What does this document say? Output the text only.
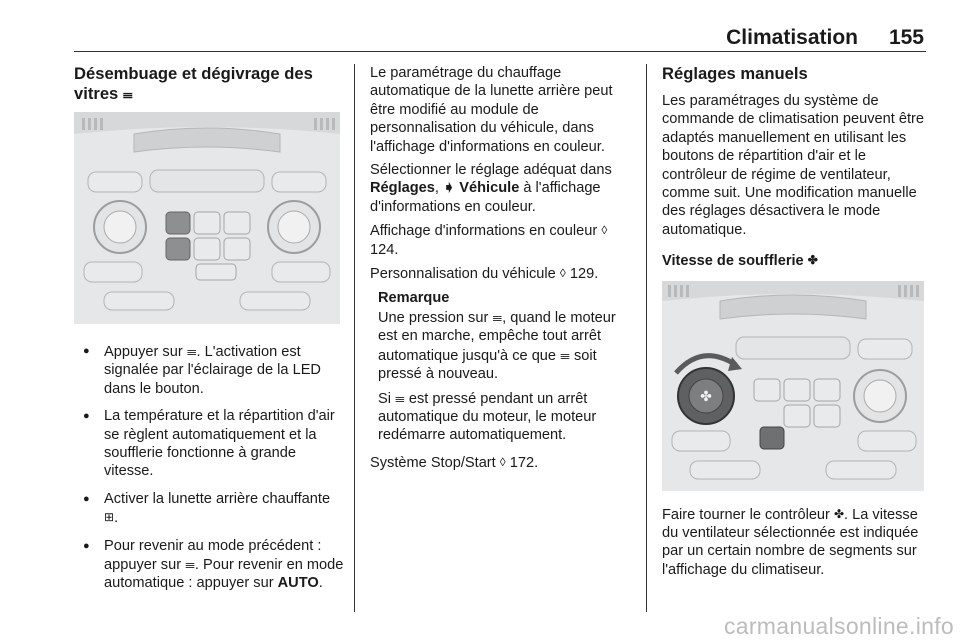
Climatisation 155
Désembuage et dégivrage des vitres 𝍢
● Appuyer sur 𝍢. L'activation est signalée par l'éclairage de la LED dans le bouton.
● La température et la répartition d'air se règlent automatiquement et la soufflerie fonctionne à grande vitesse.
● Activer la lunette arrière chauffante ⊞.
● Pour revenir au mode précédent : appuyer sur 𝍢. Pour revenir en mode automatique : appuyer sur AUTO.

Le paramétrage du chauffage automatique de la lunette arrière peut être modifié au module de personnalisation du véhicule, dans l'affichage d'informations en couleur.

Sélectionner le réglage adéquat dans Réglages, ➧ Véhicule à l'affichage d'informations en couleur.

Affichage d'informations en couleur ◊ 124.

Personnalisation du véhicule ◊ 129.

Remarque

Une pression sur 𝍢, quand le moteur est en marche, empêche tout arrêt automatique jusqu'à ce que 𝍢 soit pressé à nouveau.

Si 𝍢 est pressé pendant un arrêt automatique du moteur, le moteur redémarre automatiquement.

Système Stop/Start ◊ 172.

Réglages manuels

Les paramétrages du système de commande de climatisation peuvent être adaptés manuellement en utilisant les boutons de répartition d'air et le contrôleur de régime de ventilateur, comme suit. Une modification manuelle des réglages désactivera le mode automatique.

Vitesse de soufflerie ✤
✤

Faire tourner le contrôleur ✤. La vitesse du ventilateur sélectionnée est indiquée par un certain nombre de segments sur l'affichage du climatiseur.

carmanualsonline.info
